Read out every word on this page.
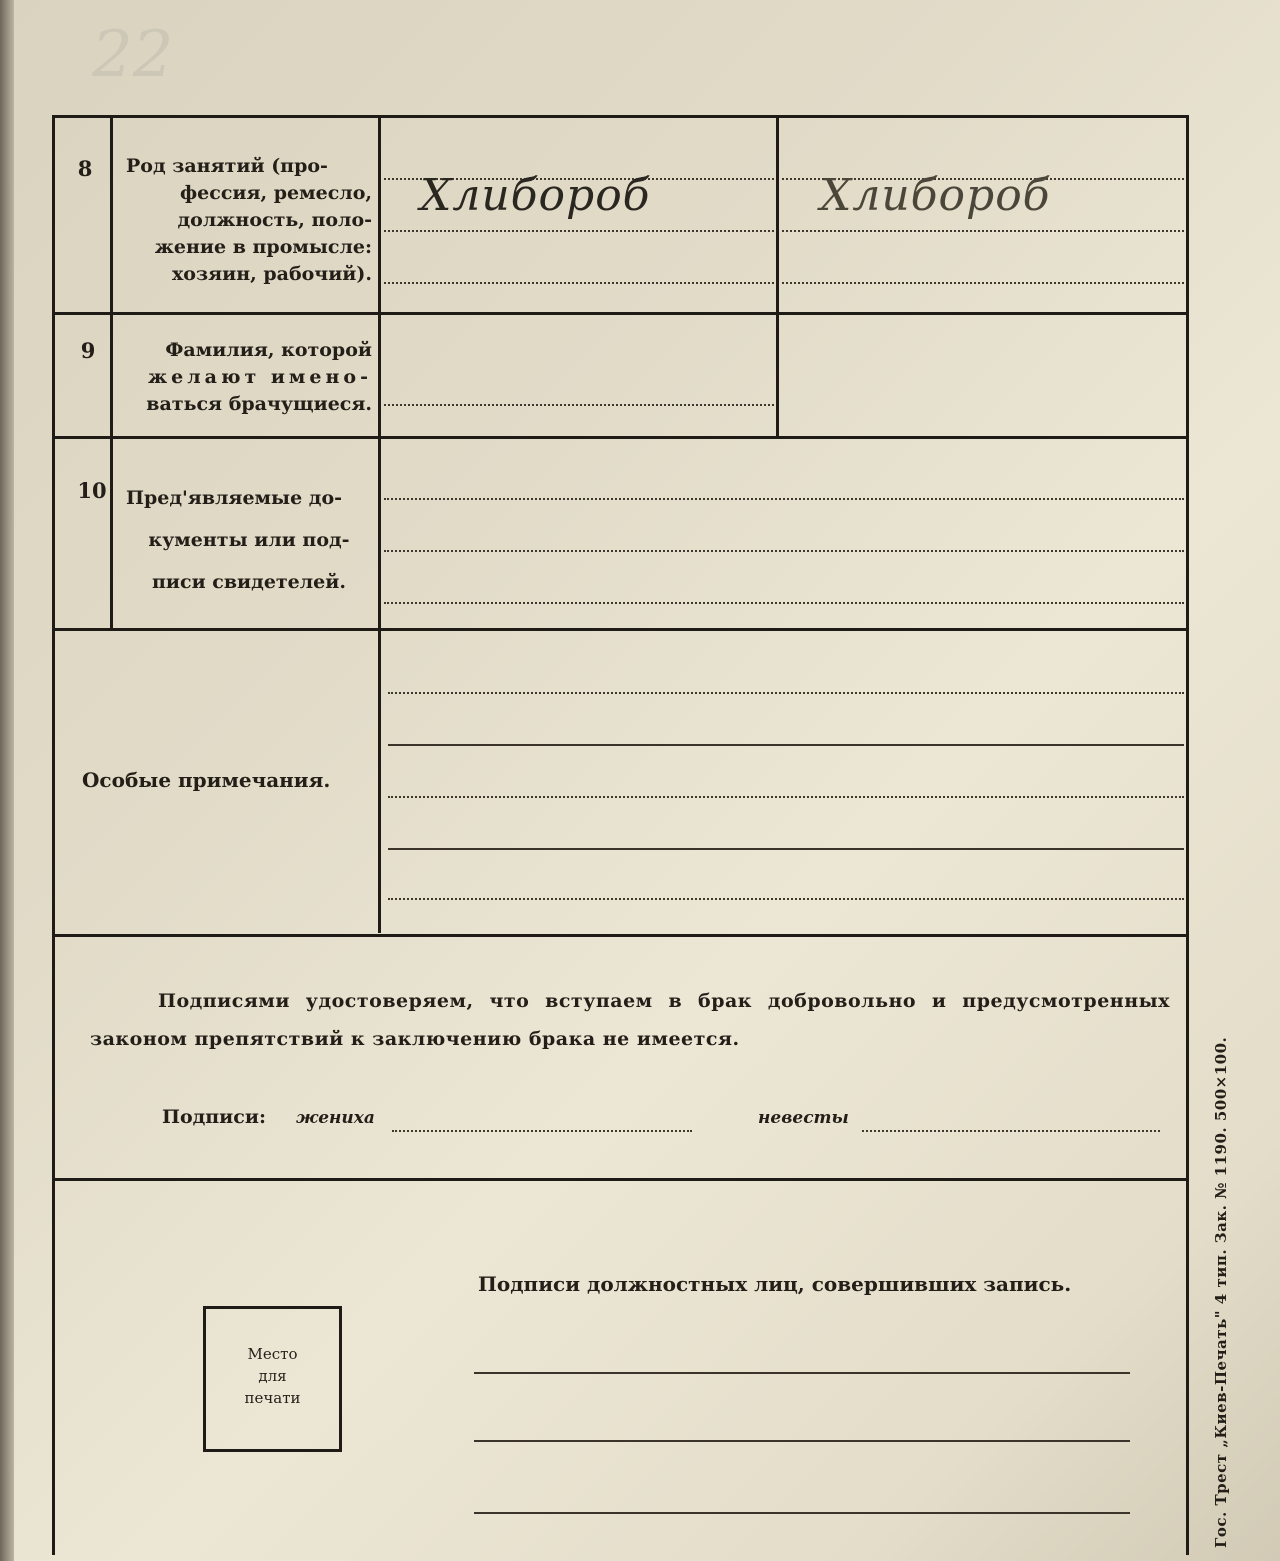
22
8	Род занятий (про-
фессия, ремесло,
должность, поло-
жение в промысле:
хозяин, рабочий).
Хлибороб	Хлибороб
9	Фамилия, которой
желают имено-
ваться брачущиеся.
10 Пред'являемые до-
кументы или под-
писи свидетелей.
Особые примечания.

Подписями удостоверяем, что вступаем в брак добровольно и предусмотренных законом препятствий к заключению брака не имеется.

Подписи: жениха	невесты
Место
для
печати
Подписи должностных лиц, совершивших запись.	Гос. Трест „Киев-Печать" 4 тип. Зак. № 1190. 500×100.
